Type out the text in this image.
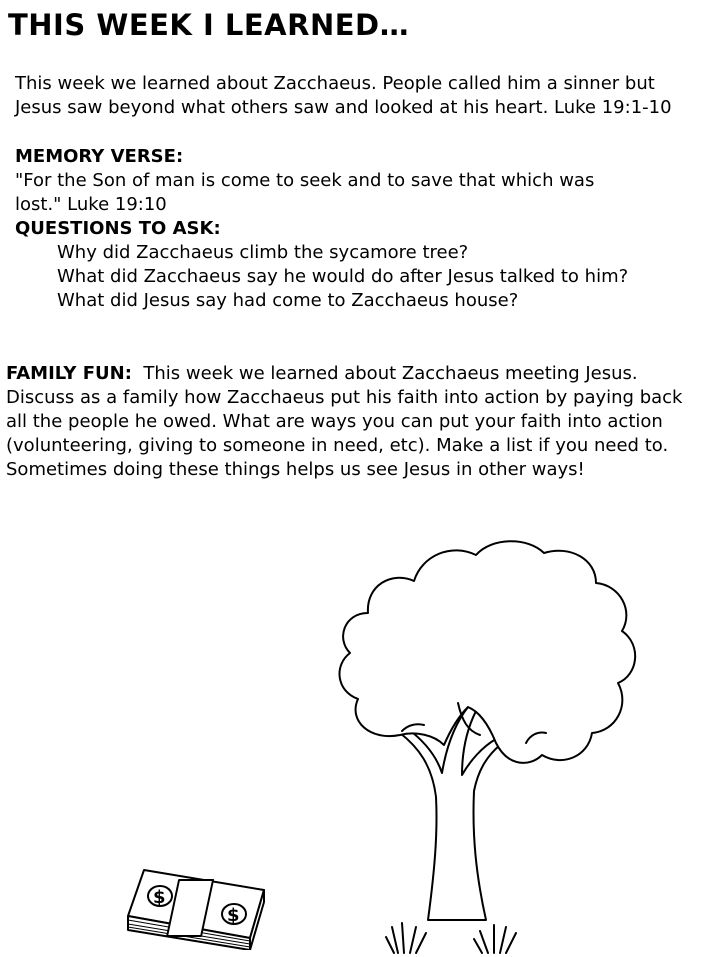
THIS WEEK I LEARNED…
This week we learned about Zacchaeus. People called him a sinner but
Jesus saw beyond what others saw and looked at his heart. Luke 19:1-10
MEMORY VERSE:
"For the Son of man is come to seek and to save that which was
lost." Luke 19:10
QUESTIONS TO ASK:
Why did Zacchaeus climb the sycamore tree?
What did Zacchaeus say he would do after Jesus talked to him?
What did Jesus say had come to Zacchaeus house?
FAMILY FUN:  This week we learned about Zacchaeus meeting Jesus.
Discuss as a family how Zacchaeus put his faith into action by paying back
all the people he owed. What are ways you can put your faith into action
(volunteering, giving to someone in need, etc). Make a list if you need to.
Sometimes doing these things helps us see Jesus in other ways!
$
$
